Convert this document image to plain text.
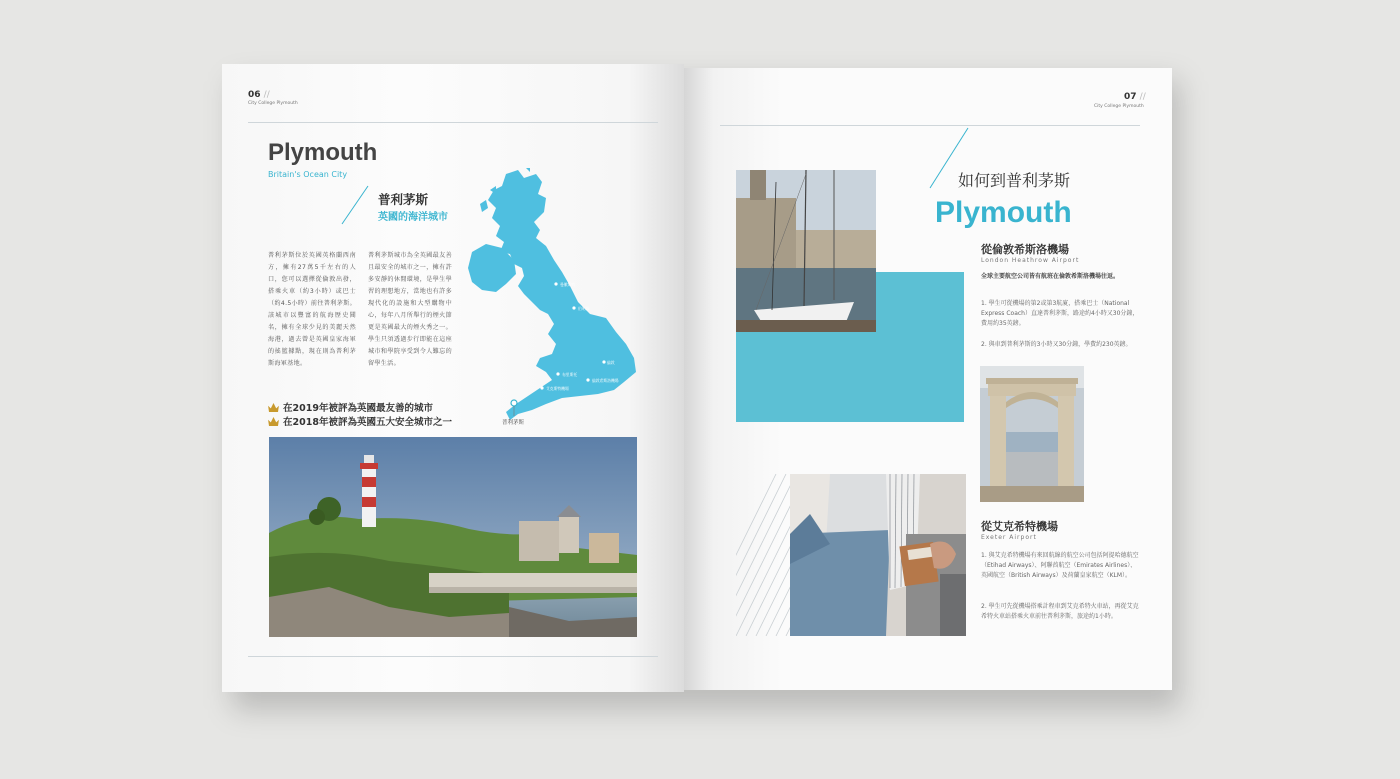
06 //
City College Plymouth
Plymouth
Britain's Ocean City
普利茅斯
英國的海洋城市
普利茅斯位於英國英格蘭西南方，擁有27萬5千左右的人口，您可以選擇從倫敦出發，搭乘火車（約3小時）或巴士（約4.5小時）前往普利茅斯。該城市以豐富的航海歷史聞名，擁有全球少見的美麗天然海港，過去曾是英國皇家海軍的搖籃據點，現在則為普利茅斯海軍基地。
普利茅斯城市為全英國最友善且最安全的城市之一，擁有許多安靜的休閒環境，是學生學習的理想地方，當地也有許多現代化的設施和大型購物中心，每年八月所舉行的煙火節更是英國最大的煙火秀之一。學生只須透過步行即能在這座城市和學院享受到令人難忘的留學生活。
曼徹斯特
伯明翰
倫敦
布里斯托
倫敦希斯洛機場
艾克斯特機場
普利茅斯
在2019年被評為英國最友善的城市
在2018年被評為英國五大安全城市之一
07 //
City College Plymouth
如何到普利茅斯
Plymouth
從倫敦希斯洛機場
London Heathrow Airport
全球主要航空公司皆有航班在倫敦希斯洛機場往返。
1. 學生可從機場的第2或第3航廈，搭乘巴士（National Express Coach）直達普利茅斯，路途約4小時又30分鐘，費用約35英鎊。
2. 與車到普利茅斯的3小時又30分鐘，學費約230英鎊。
從艾克希特機場
Exeter Airport
1. 與艾克希特機場有來回航線的航空公司包括阿提哈德航空（Etihad Airways）、阿聯酋航空（Emirates Airlines）、英國航空（British Airways）及荷蘭皇家航空（KLM）。
2. 學生可先從機場搭乘計程車到艾克希特火車站，再從艾克希特火車站搭乘火車前往普利茅斯，旅途約1小時。
